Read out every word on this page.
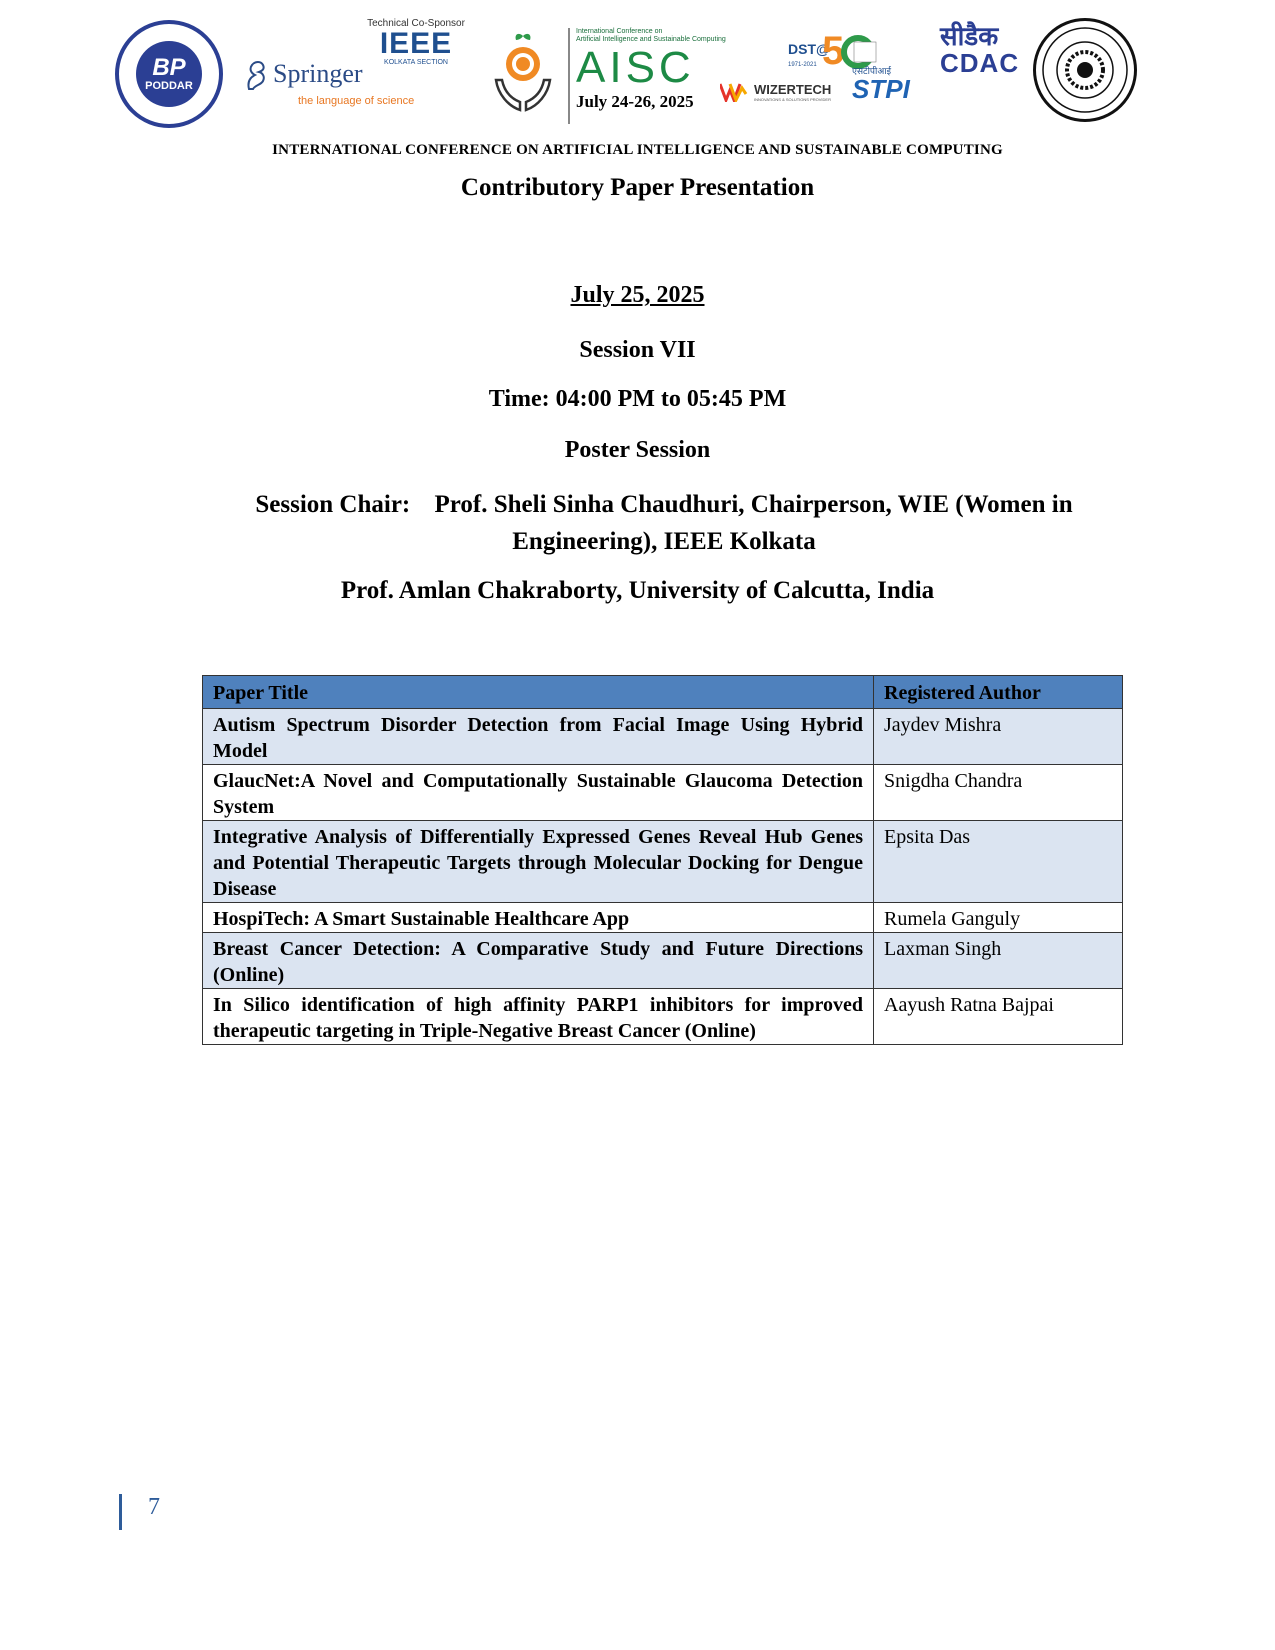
BP
PODDAR	Springer
the language of science
Technical Co-Sponsor
IEEE
KOLKATA SECTION
International Conference on
Artificial Intelligence and Sustainable Computing
AISC
July 24-26, 2025
DST@
1971-2021 5
WIZERTECH
INNOVATIONS & SOLUTIONS PROVIDER
एसटीपीआई
STPI
सीडैक
CDAC
INTERNATIONAL CONFERENCE ON ARTIFICIAL INTELLIGENCE AND SUSTAINABLE COMPUTING
Contributory Paper Presentation
July 25, 2025
Session VII
Time: 04:00 PM to 05:45 PM
Poster Session
Session Chair: Prof. Sheli Sinha Chaudhuri, Chairperson, WIE (Women in Engineering), IEEE Kolkata
Prof. Amlan Chakraborty, University of Calcutta, India
Paper Title	Registered Author
Autism Spectrum Disorder Detection from Facial Image Using Hybrid Model	Jaydev Mishra
GlaucNet:A Novel and Computationally Sustainable Glaucoma Detection System	Snigdha Chandra
Integrative Analysis of Differentially Expressed Genes Reveal Hub Genes and Potential Therapeutic Targets through Molecular Docking for Dengue Disease	Epsita Das
HospiTech: A Smart Sustainable Healthcare App	Rumela Ganguly
Breast Cancer Detection: A Comparative Study and Future Directions (Online)	Laxman Singh
In Silico identification of high affinity PARP1 inhibitors for improved therapeutic targeting in Triple-Negative Breast Cancer (Online)	Aayush Ratna Bajpai
7
